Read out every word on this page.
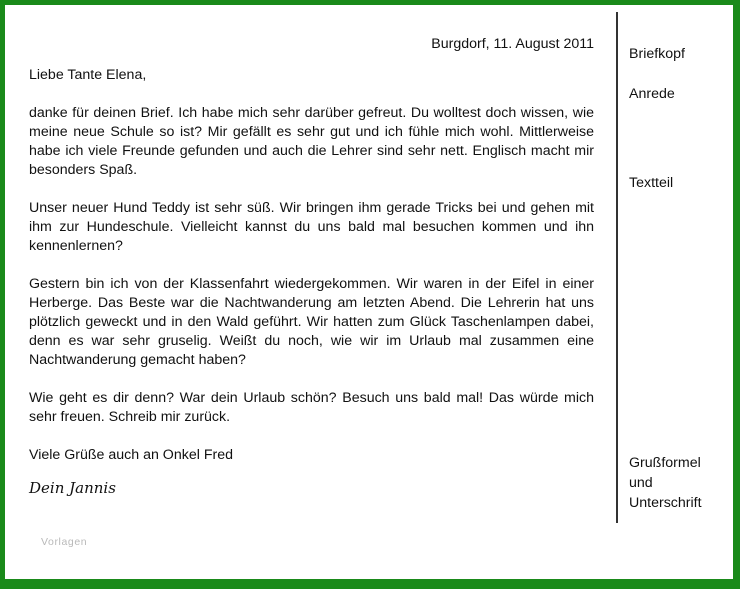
Burgdorf, 11. August 2011
Liebe Tante Elena,

danke für deinen Brief. Ich habe mich sehr darüber gefreut. Du wolltest doch wissen, wie meine neue Schule so ist? Mir gefällt es sehr gut und ich fühle mich wohl. Mittlerweise habe ich viele Freunde gefunden und auch die Lehrer sind sehr nett. Englisch macht mir besonders Spaß.

Unser neuer Hund Teddy ist sehr süß. Wir bringen ihm gerade Tricks bei und gehen mit ihm zur Hundeschule. Vielleicht kannst du uns bald mal besuchen kommen und ihn kennenlernen?

Gestern bin ich von der Klassenfahrt wiedergekommen. Wir waren in der Eifel in einer Herberge. Das Beste war die Nachtwanderung am letzten Abend. Die Lehrerin hat uns plötzlich geweckt und in den Wald geführt. Wir hatten zum Glück Taschenlampen dabei, denn es war sehr gruselig. Weißt du noch, wie wir im Urlaub mal zusammen eine Nachtwanderung gemacht haben?

Wie geht es dir denn? War dein Urlaub schön? Besuch uns bald mal! Das würde mich sehr freuen. Schreib mir zurück.

Viele Grüße auch an Onkel Fred
Dein Jannis
Vorlagen
Briefkopf
Anrede
Textteil
Grußformel
und
Unterschrift
